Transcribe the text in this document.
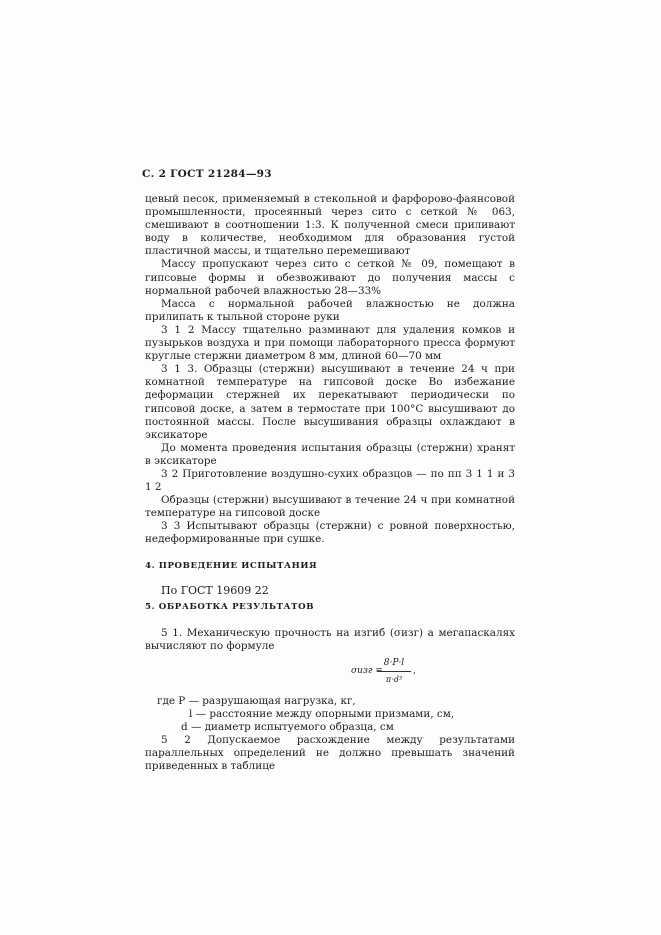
С. 2 ГОСТ 21284—93

цевый песок, применяемый в стекольной и фарфорово-фаянсовой промышленности, просеянный через сито с сеткой № 063, смешивают в соотношении 1:3. К полученной смеси приливают воду в количестве, необходимом для образования густой пластичной массы, и тщательно перемешивают

Массу пропускают через сито с сеткой № 09, помещают в гипсовые формы и обезвоживают до получения массы с нормальной рабочей влажностью 28—33%

Масса с нормальной рабочей влажностью не должна прилипать к тыльной стороне руки

3 1 2 Массу тщательно разминают для удаления комков и пузырьков воздуха и при помощи лабораторного пресса формуют круглые стержни диаметром 8 мм, длиной 60—70 мм

3 1 3. Образцы (стержни) высушивают в течение 24 ч при комнатной температуре на гипсовой доске Во избежание деформации стержней их перекатывают периодически по гипсовой доске, а затем в термостате при 100°С высушивают до постоянной массы. После высушивания образцы охлаждают в эксикаторе

До момента проведения испытания образцы (стержни) хранят в эксикаторе

3 2 Приготовление воздушно-сухих образцов — по пп 3 1 1 и 3 1 2

Образцы (стержни) высушивают в течение 24 ч при комнатной температуре на гипсовой доске

3 3 Испытывают образцы (стержни) с ровной поверхностью, недеформированные при сушке.

4. ПРОВЕДЕНИЕ ИСПЫТАНИЯ

По ГОСТ 19609 22

5. ОБРАБОТКА РЕЗУЛЬТАТОВ

5 1. Механическую прочность на изгиб (σизг) а мегапаскалях вычисляют по формуле

σизг =
$\frac{8\cdot P\cdot l}{\text{π·d³}}$ ,

где P — разрушающая нагрузка, кг,

l — расстояние между опорными призмами, см,

d — диаметр испытуемого образца, см

5 2 Допускаемое расхождение между результатами параллельных определений не должно превышать значений приведенных в таблице
